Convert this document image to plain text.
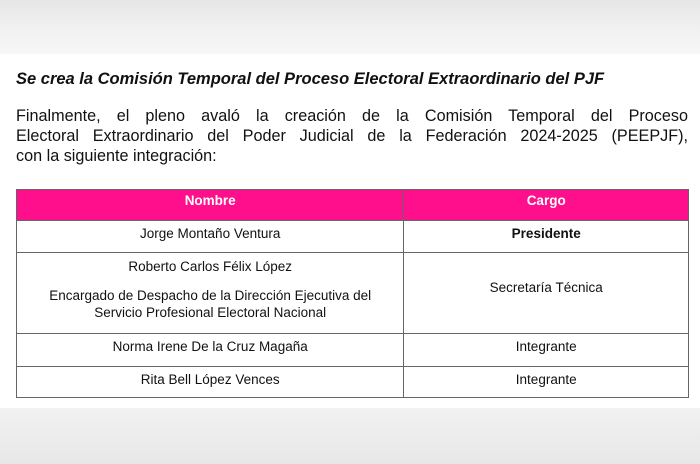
Se crea la Comisión Temporal del Proceso Electoral Extraordinario del PJF
Finalmente, el pleno avaló la creación de la Comisión Temporal del Proceso
Electoral Extraordinario del Poder Judicial de la Federación 2024-2025 (PEEPJF),
con la siguiente integración:
Nombre	Cargo
Jorge Montaño Ventura	Presidente

Roberto Carlos Félix López
Encargado de Despacho de la Dirección Ejecutiva del
Servicio Profesional Electoral Nacional	Secretaría Técnica

Norma Irene De la Cruz Magaña	Integrante
Rita Bell López Vences	Integrante
